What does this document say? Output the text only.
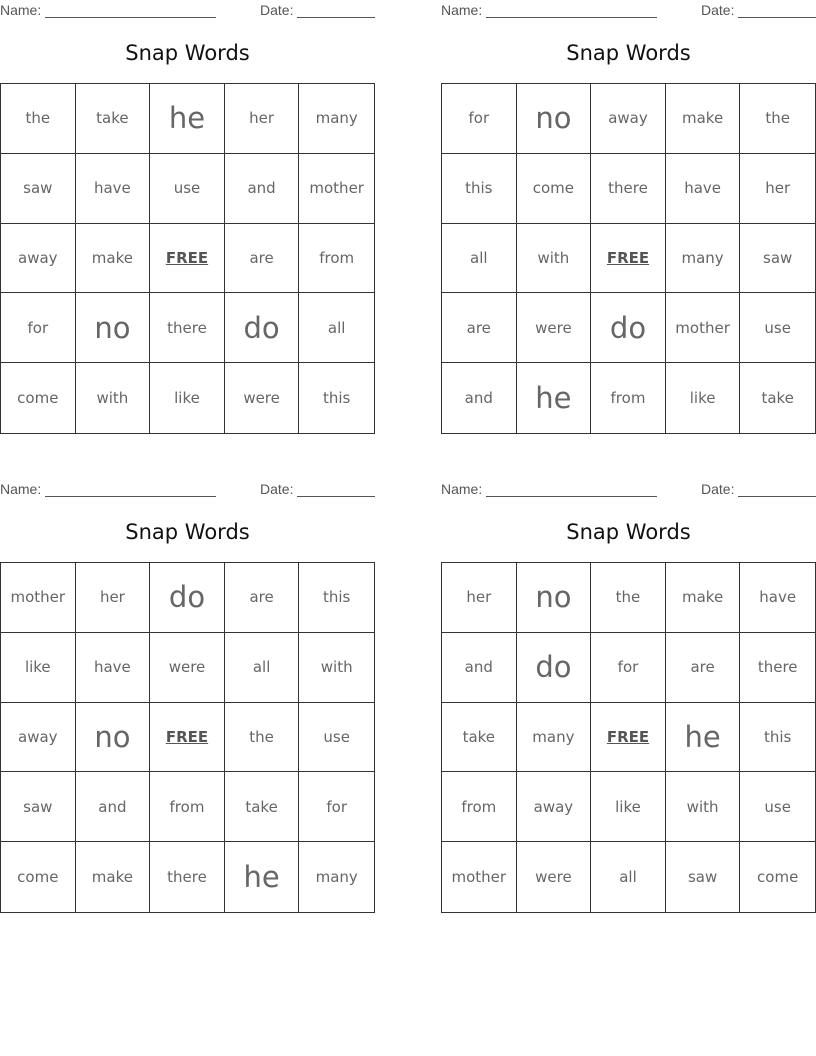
Name:	Date:
Snap Words
the	take	he	her	many
saw	have	use	and	mother
away	make	FREE	are	from
for	no	there	do	all
come	with	like	were	this
Name:	Date:
Snap Words
for	no	away	make	the
this	come	there	have	her
all	with	FREE	many	saw
are	were	do	mother	use
and	he	from	like	take
Name:	Date:
Snap Words
mother	her	do	are	this
like	have	were	all	with
away	no	FREE	the	use
saw	and	from	take	for
come	make	there	he	many
Name:	Date:
Snap Words
her	no	the	make	have
and	do	for	are	there
take	many	FREE	he	this
from	away	like	with	use
mother	were	all	saw	come
